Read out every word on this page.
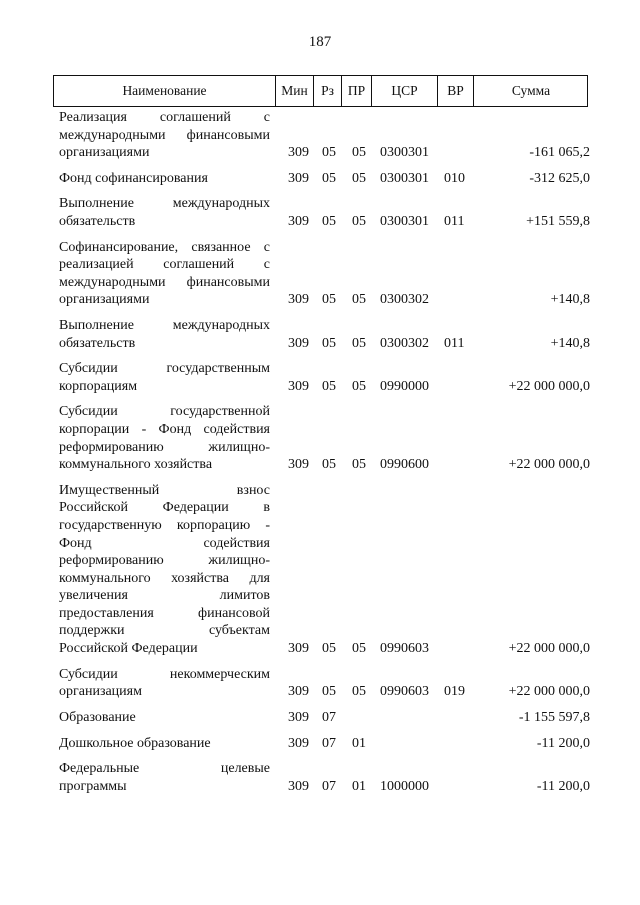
187
Наименование	Мин Рз	ПР	ЦСР	ВР	Сумма
Реализация соглашений с
международными финансовыми
организациями	309 05 05 0300301	-161 065,2
Фонд софинансирования	309 05 05 0300301 010	-312 625,0
Выполнение международных
обязательств	309 05 05 0300301 011	+151 559,8
Софинансирование, связанное с
реализацией соглашений с
международными финансовыми
организациями	309 05 05 0300302	+140,8
Выполнение международных
обязательств	309 05 05 0300302 011	+140,8
Субсидии государственным
корпорациям	309 05 05 0990000	+22 000 000,0
Субсидии государственной
корпорации - Фонд содействия
реформированию жилищно-
коммунального хозяйства	309 05 05 0990600	+22 000 000,0
Имущественный взнос
Российской Федерации в
государственную корпорацию -
Фонд содействия
реформированию жилищно-
коммунального хозяйства для
увеличения лимитов
предоставления финансовой
поддержки субъектам
Российской Федерации	309 05 05 0990603	+22 000 000,0
Субсидии некоммерческим
организациям	309 05 05 0990603 019	+22 000 000,0
Образование	309 07	-1 155 597,8
Дошкольное образование	309 07 01	-11 200,0
Федеральные целевые
программы	309 07 01 1000000	-11 200,0
